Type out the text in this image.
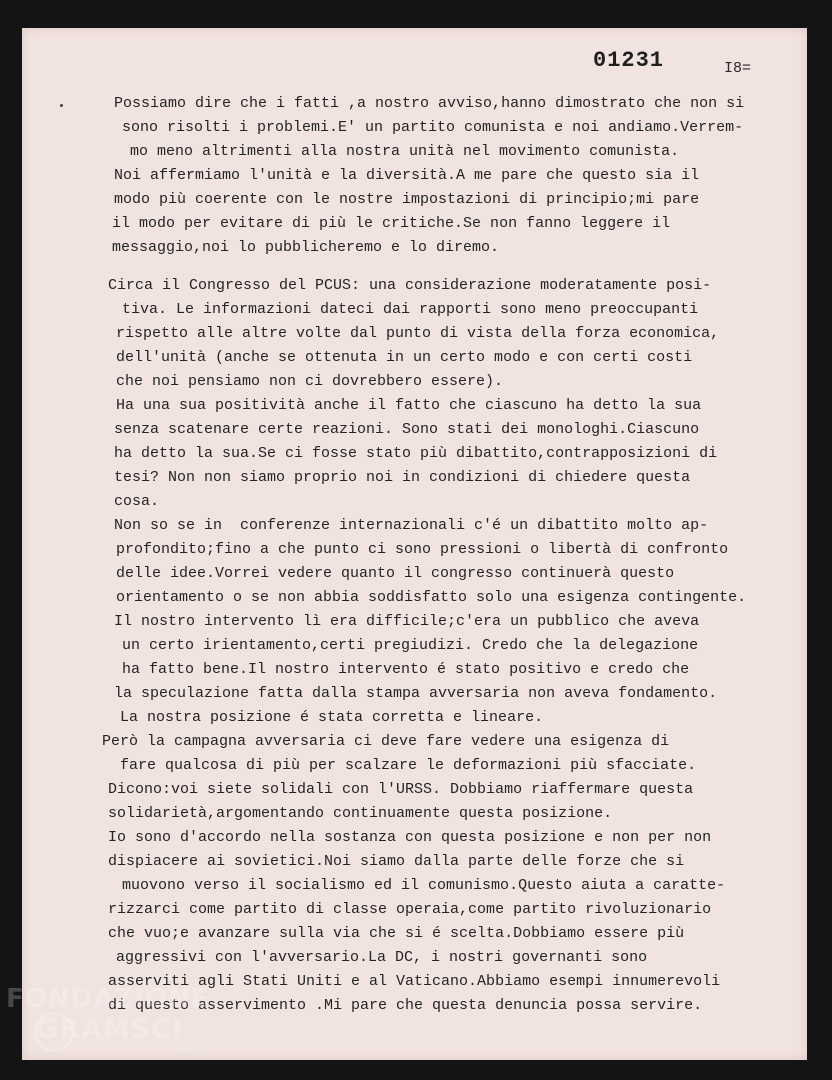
01231	I8=

Possiamo dire che i fatti ,a nostro avviso,hanno dimostrato che non si

sono risolti i problemi.E' un partito comunista e noi andiamo.Verrem-

mo meno altrimenti alla nostra unità nel movimento comunista.

Noi affermiamo l'unità e la diversità.A me pare che questo sia il

modo più coerente con le nostre impostazioni di principio;mi pare

il modo per evitare di più le critiche.Se non fanno leggere il

messaggio,noi lo pubblicheremo e lo diremo.

Circa il Congresso del PCUS: una considerazione moderatamente posi-

tiva. Le informazioni dateci dai rapporti sono meno preoccupanti

rispetto alle altre volte dal punto di vista della forza economica,

dell'unità (anche se ottenuta in un certo modo e con certi costi

che noi pensiamo non ci dovrebbero essere).

Ha una sua positività anche il fatto che ciascuno ha detto la sua

senza scatenare certe reazioni. Sono stati dei monologhi.Ciascuno

ha detto la sua.Se ci fosse stato più dibattito,contrapposizioni di

tesi? Non non siamo proprio noi in condizioni di chiedere questa

cosa.

Non so se in  conferenze internazionali c'é un dibattito molto ap-

profondito;fino a che punto ci sono pressioni o libertà di confronto

delle idee.Vorrei vedere quanto il congresso continuerà questo

orientamento o se non abbia soddisfatto solo una esigenza contingente.

Il nostro intervento lì era difficile;c'era un pubblico che aveva

un certo irientamento,certi pregiudizi. Credo che la delegazione

ha fatto bene.Il nostro intervento é stato positivo e credo che

la speculazione fatta dalla stampa avversaria non aveva fondamento.

La nostra posizione é stata corretta e lineare.

Però la campagna avversaria ci deve fare vedere una esigenza di

fare qualcosa di più per scalzare le deformazioni più sfacciate.

Dicono:voi siete solidali con l'URSS. Dobbiamo riaffermare questa

solidarietà,argomentando continuamente questa posizione.

Io sono d'accordo nella sostanza con questa posizione e non per non

dispiacere ai sovietici.Noi siamo dalla parte delle forze che si

muovono verso il socialismo ed il comunismo.Questo aiuta a caratte-

rizzarci come partito di classe operaia,come partito rivoluzionario

che vuo;e avanzare sulla via che si é scelta.Dobbiamo essere più

aggressivi con l'avversario.La DC, i nostri governanti sono

asserviti agli Stati Uniti e al Vaticano.Abbiamo esempi innumerevoli

di questo asservimento .Mi pare che questa denuncia possa servire.

FONDAZIONE
GRAMSCI
onlus
